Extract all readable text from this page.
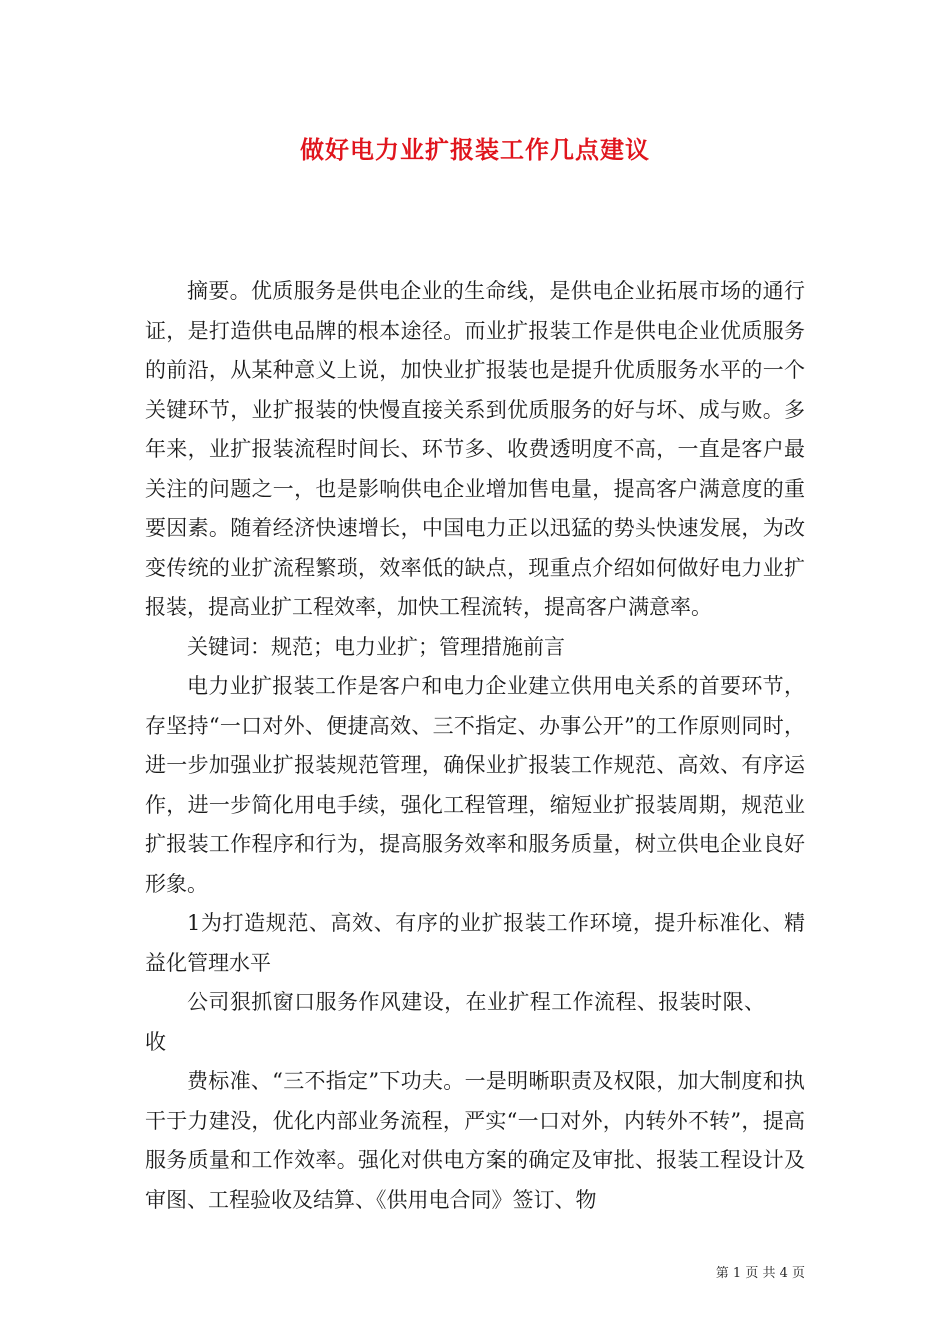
做好电力业扩报装工作几点建议

摘要。优质服务是供电企业的生命线，是供电企业拓展市场的通行证，是打造供电品牌的根本途径。而业扩报装工作是供电企业优质服务的前沿，从某种意义上说，加快业扩报装也是提升优质服务水平的一个关键环节，业扩报装的快慢直接关系到优质服务的好与坏、成与败。多年来，业扩报装流程时间长、环节多、收费透明度不高，一直是客户最关注的问题之一，也是影响供电企业增加售电量，提高客户满意度的重要因素。随着经济快速增长，中国电力正以迅猛的势头快速发展，为改变传统的业扩流程繁琐，效率低的缺点，现重点介绍如何做好电力业扩报装，提高业扩工程效率，加快工程流转，提高客户满意率。

关键词：规范；电力业扩；管理措施前言

电力业扩报装工作是客户和电力企业建立供用电关系的首要环节，存坚持“一口对外、便捷高效、三不指定、办事公开”的工作原则同时，进一步加强业扩报装规范管理，确保业扩报装工作规范、高效、有序运作，进一步简化用电手续，强化工程管理，缩短业扩报装周期，规范业扩报装工作程序和行为，提高服务效率和服务质量，树立供电企业良好形象。

1为打造规范、高效、有序的业扩报装工作环境，提升标准化、精益化管理水平

公司狠抓窗口服务作风建设，在业扩程工作流程、报装时限、收

费标准、“三不指定”下功夫。一是明晰职责及权限，加大制度和执干于力建没，优化内部业务流程，严实“一口对外，内转外不转”，提高服务质量和工作效率。强化对供电方案的确定及审批、报装工程设计及审图、工程验收及结算、《供用电合同》签订、物

第 1 页 共 4 页
